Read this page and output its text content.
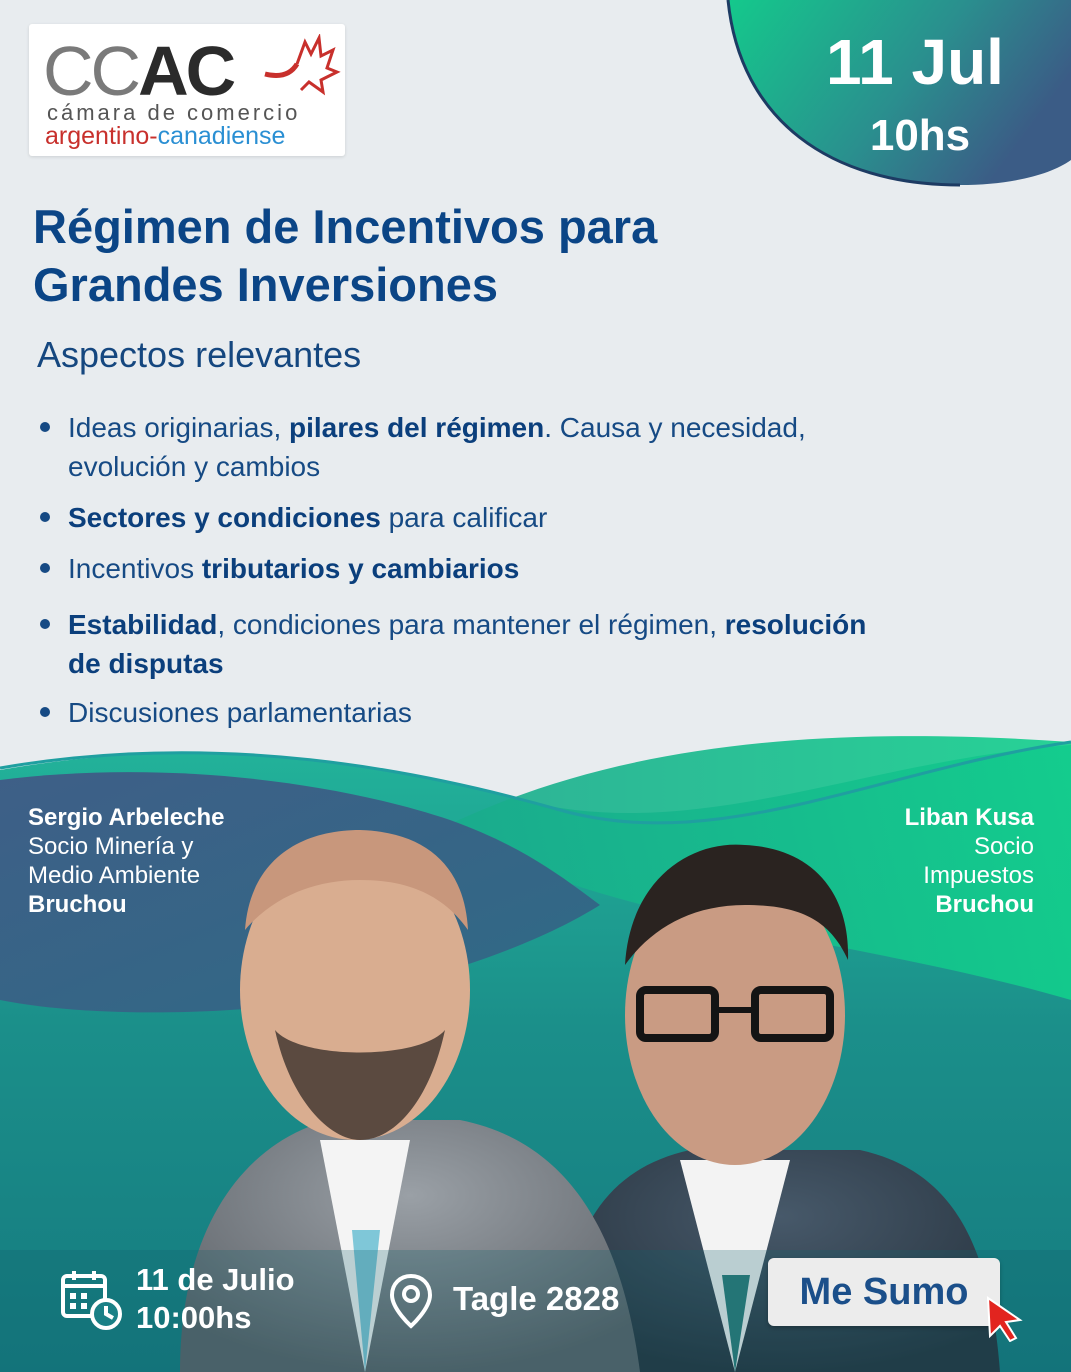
CCAC
cámara de comercio
argentino-canadiense
11 Jul
10hs
Régimen de Incentivos para
Grandes Inversiones
Aspectos relevantes
Ideas originarias, pilares del régimen. Causa y necesidad,
evolución y cambios
Sectores y condiciones para calificar
Incentivos tributarios y cambiarios
Estabilidad, condiciones para mantener el régimen, resolución
de disputas
Discusiones parlamentarias
Sergio Arbeleche
Socio Minería y
Medio Ambiente
Bruchou
Liban Kusa
Socio
Impuestos
Bruchou
11 de Julio
10:00hs
Tagle 2828	Me Sumo
